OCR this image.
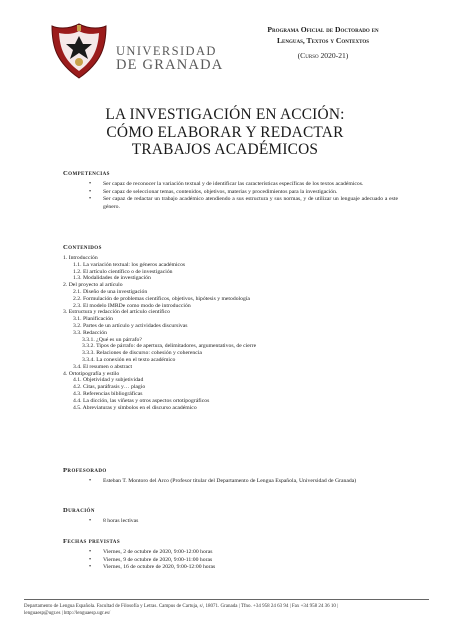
UNIVERSIDAD
DE GRANADA
Programa Oficial de Doctorado en
Lenguas, Textos y Contextos
(Curso 2020-21)
LA INVESTIGACIÓN EN ACCIÓN:
CÓMO ELABORAR Y REDACTAR
TRABAJOS ACADÉMICOS
Competencias
• Ser capaz de reconocer la variación textual y de identificar las características específicas de los textos académicos.
• Ser capaz de seleccionar temas, contenidos, objetivos, materias y procedimientos para la investigación.
• Ser capaz de redactar un trabajo académico atendiendo a sus estructura y sus normas, y de utilizar un lenguaje adecuado a este género.
Contenidos
1. Introducción
1.1. La variación textual: los géneros académicos
1.2. El artículo científico o de investigación
1.3. Modalidades de investigación
2. Del proyecto al artículo
2.1. Diseño de una investigación
2.2. Formulación de problemas científicos, objetivos, hipótesis y metodología
2.3. El modelo IMRDe como modo de introducción
3. Estructura y redacción del artículo científico
3.1. Planificación
3.2. Partes de un artículo y actividades discursivas
3.3. Redacción
3.3.1. ¿Qué es un párrafo?
3.3.2. Tipos de párrafo: de apertura, delimitadores, argumentativos, de cierre
3.3.3. Relaciones de discurso: cohesión y coherencia
3.3.4. La conexión en el texto académico
3.4. El resumen o abstract
4. Ortotipografía y estilo
4.1. Objetividad y subjetividad
4.2. Citas, paráfrasis y… plagio
4.3. Referencias bibliográficas
4.4. La dicción, las viñetas y otros aspectos ortotipográficos
4.5. Abreviaturas y símbolos en el discurso académico
Profesorado
• Esteban T. Montoro del Arco (Profesor titular del Departamento de Lengua Española, Universidad de Granada)
Duración
• 8 horas lectivas
Fechas previstas
• Viernes, 2 de octubre de 2020, 9:00-12:00 horas
• Viernes, 9 de octubre de 2020, 9:00-11:00 horas
• Viernes, 16 de octubre de 2020, 9:00-12:00 horas
Departamento de Lengua Española. Facultad de Filosofía y Letras. Campus de Cartuja, s/, 18071. Granada | Tfno. +34 958 24 63 94 | Fax +34 958 24 36 10 |
lenguaesp@ugr.es | http://lenguaesp.ugr.es/
